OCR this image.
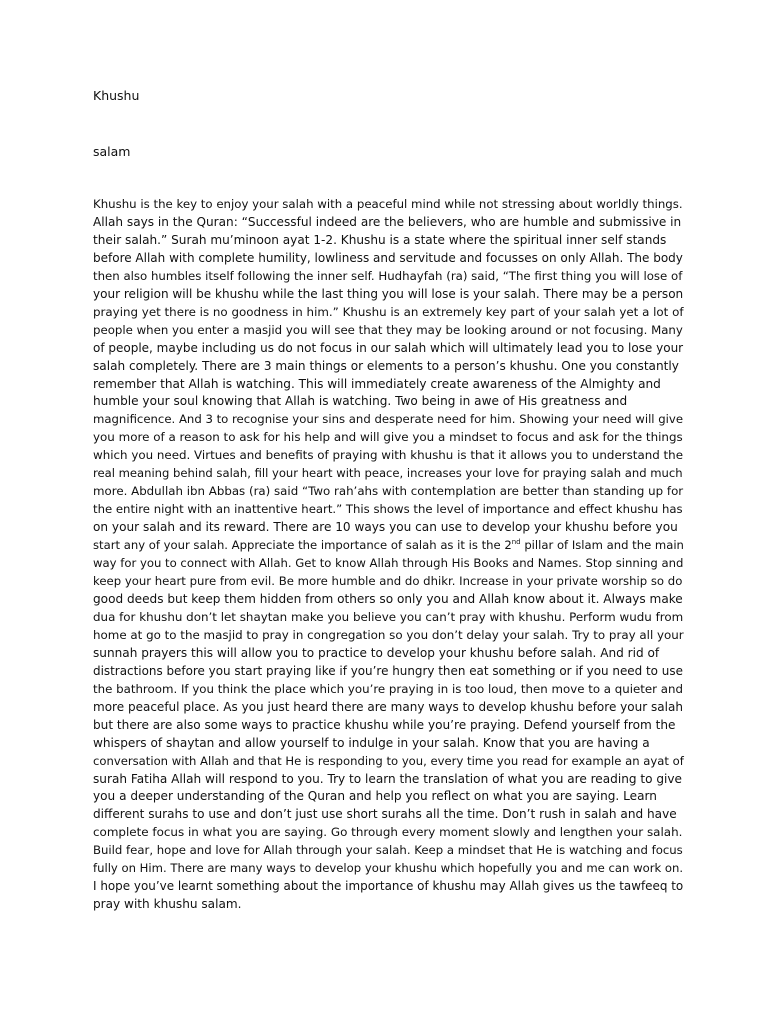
Khushu

salam

Khushu is the key to enjoy your salah with a peaceful mind while not stressing about worldly things.
Allah says in the Quran: “Successful indeed are the believers, who are humble and submissive in
their salah.” Surah mu’minoon ayat 1-2. Khushu is a state where the spiritual inner self stands
before Allah with complete humility, lowliness and servitude and focusses on only Allah. The body
then also humbles itself following the inner self. Hudhayfah (ra) said, “The first thing you will lose of
your religion will be khushu while the last thing you will lose is your salah. There may be a person
praying yet there is no goodness in him.” Khushu is an extremely key part of your salah yet a lot of
people when you enter a masjid you will see that they may be looking around or not focusing. Many
of people, maybe including us do not focus in our salah which will ultimately lead you to lose your
salah completely. There are 3 main things or elements to a person’s khushu. One you constantly
remember that Allah is watching. This will immediately create awareness of the Almighty and
humble your soul knowing that Allah is watching. Two being in awe of His greatness and
magnificence. And 3 to recognise your sins and desperate need for him. Showing your need will give
you more of a reason to ask for his help and will give you a mindset to focus and ask for the things
which you need. Virtues and benefits of praying with khushu is that it allows you to understand the
real meaning behind salah, fill your heart with peace, increases your love for praying salah and much
more. Abdullah ibn Abbas (ra) said “Two rah’ahs with contemplation are better than standing up for
the entire night with an inattentive heart.” This shows the level of importance and effect khushu has
on your salah and its reward. There are 10 ways you can use to develop your khushu before you
start any of your salah. Appreciate the importance of salah as it is the 2nd pillar of Islam and the main
way for you to connect with Allah. Get to know Allah through His Books and Names. Stop sinning and
keep your heart pure from evil. Be more humble and do dhikr. Increase in your private worship so do
good deeds but keep them hidden from others so only you and Allah know about it. Always make
dua for khushu don’t let shaytan make you believe you can’t pray with khushu. Perform wudu from
home at go to the masjid to pray in congregation so you don’t delay your salah. Try to pray all your
sunnah prayers this will allow you to practice to develop your khushu before salah. And rid of
distractions before you start praying like if you’re hungry then eat something or if you need to use
the bathroom. If you think the place which you’re praying in is too loud, then move to a quieter and
more peaceful place. As you just heard there are many ways to develop khushu before your salah
but there are also some ways to practice khushu while you’re praying. Defend yourself from the
whispers of shaytan and allow yourself to indulge in your salah. Know that you are having a
conversation with Allah and that He is responding to you, every time you read for example an ayat of
surah Fatiha Allah will respond to you. Try to learn the translation of what you are reading to give
you a deeper understanding of the Quran and help you reflect on what you are saying. Learn
different surahs to use and don’t just use short surahs all the time. Don’t rush in salah and have
complete focus in what you are saying. Go through every moment slowly and lengthen your salah.
Build fear, hope and love for Allah through your salah. Keep a mindset that He is watching and focus
fully on Him. There are many ways to develop your khushu which hopefully you and me can work on.
I hope you’ve learnt something about the importance of khushu may Allah gives us the tawfeeq to
pray with khushu salam.
